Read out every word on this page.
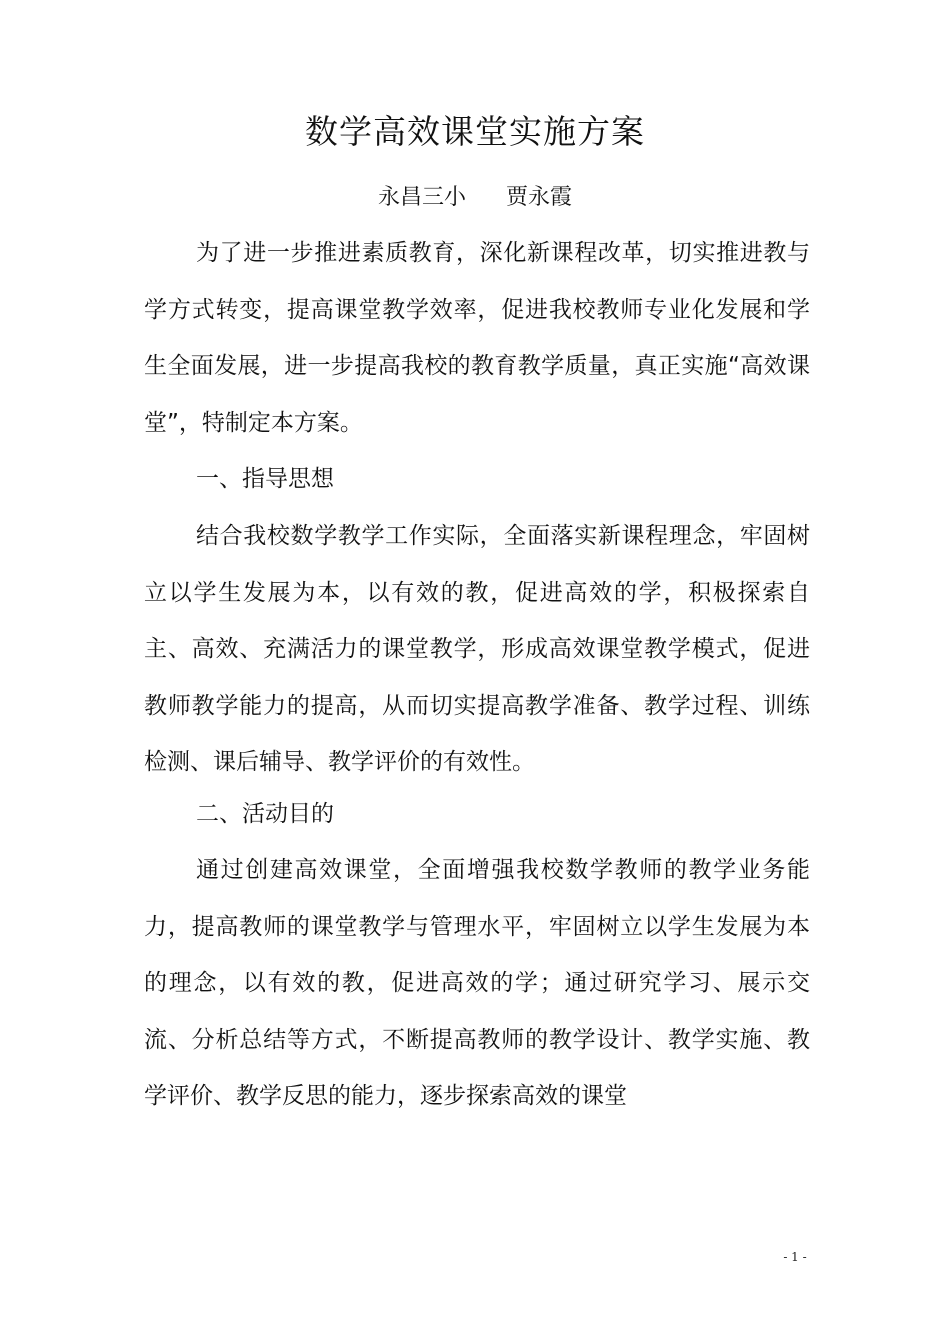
数学高效课堂实施方案
永昌三小 贾永霞

为了进一步推进素质教育，深化新课程改革，切实推进教与学方式转变，提高课堂教学效率，促进我校教师专业化发展和学生全面发展，进一步提高我校的教育教学质量，真正实施“高效课堂”，特制定本方案。

一、指导思想

结合我校数学教学工作实际，全面落实新课程理念，牢固树立以学生发展为本，以有效的教，促进高效的学，积极探索自主、高效、充满活力的课堂教学，形成高效课堂教学模式，促进教师教学能力的提高，从而切实提高教学准备、教学过程、训练检测、课后辅导、教学评价的有效性。

二、活动目的

通过创建高效课堂，全面增强我校数学教师的教学业务能力，提高教师的课堂教学与管理水平，牢固树立以学生发展为本的理念，以有效的教，促进高效的学；通过研究学习、展示交流、分析总结等方式，不断提高教师的教学设计、教学实施、教学评价、教学反思的能力，逐步探索高效的课堂

- 1 -
